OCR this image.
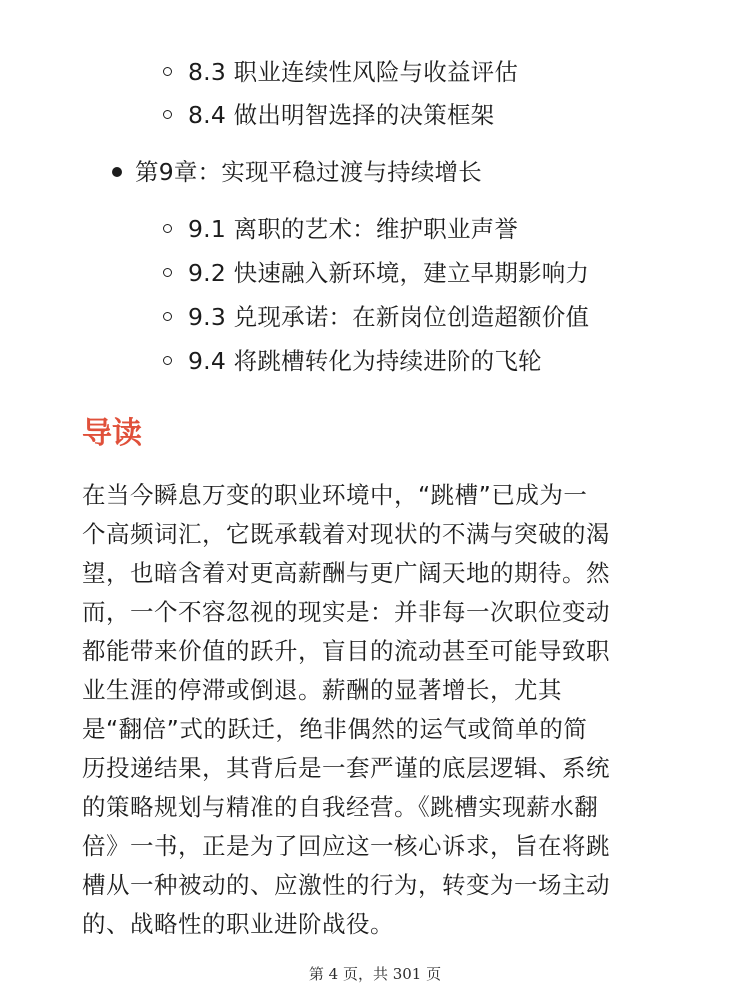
8.3 职业连续性风险与收益评估
8.4 做出明智选择的决策框架
第9章：实现平稳过渡与持续增长
9.1 离职的艺术：维护职业声誉
9.2 快速融入新环境，建立早期影响力
9.3 兑现承诺：在新岗位创造超额价值
9.4 将跳槽转化为持续进阶的飞轮
导读
在当今瞬息万变的职业环境中，“跳槽”已成为一
个高频词汇，它既承载着对现状的不满与突破的渴
望，也暗含着对更高薪酬与更广阔天地的期待。然
而，一个不容忽视的现实是：并非每一次职位变动
都能带来价值的跃升，盲目的流动甚至可能导致职
业生涯的停滞或倒退。薪酬的显著增长，尤其
是“翻倍”式的跃迁，绝非偶然的运气或简单的简
历投递结果，其背后是一套严谨的底层逻辑、系统
的策略规划与精准的自我经营。《跳槽实现薪水翻
倍》一书，正是为了回应这一核心诉求，旨在将跳
槽从一种被动的、应激性的行为，转变为一场主动
的、战略性的职业进阶战役。
第 4 页，共 301 页
